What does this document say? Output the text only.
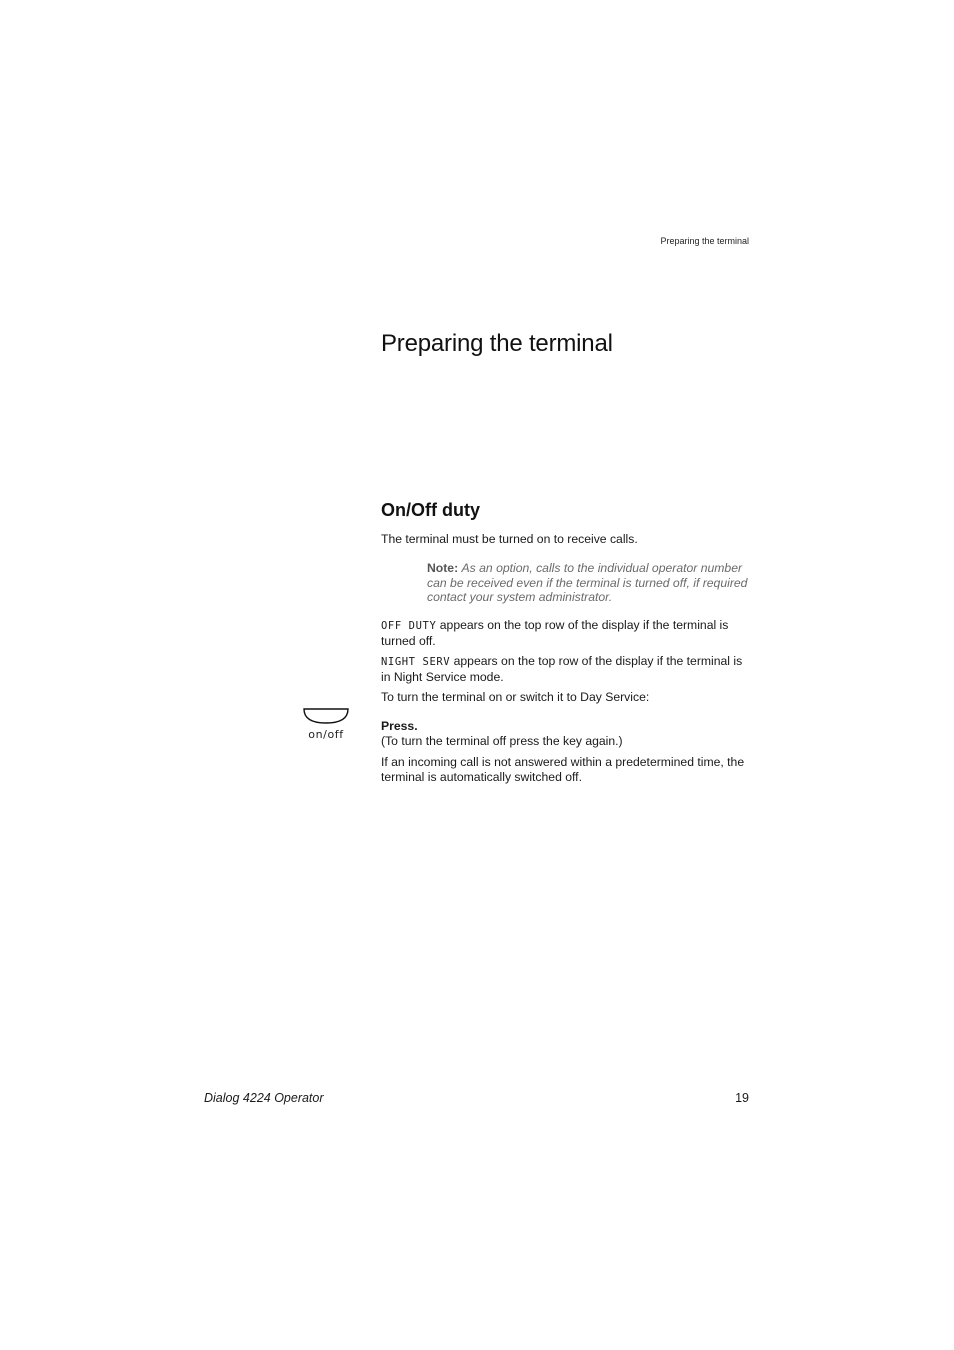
Preparing the terminal
Preparing the terminal
On/Off duty
The terminal must be turned on to receive calls.
Note: As an option, calls to the individual operator number can be received even if the terminal is turned off, if required contact your system administrator.
OFF DUTY appears on the top row of the display if the terminal is turned off.
NIGHT SERV appears on the top row of the display if the terminal is in Night Service mode.
To turn the terminal on or switch it to Day Service:
on/off
Press.
(To turn the terminal off press the key again.)
If an incoming call is not answered within a predetermined time, the terminal is automatically switched off.
Dialog 4224 Operator	19
